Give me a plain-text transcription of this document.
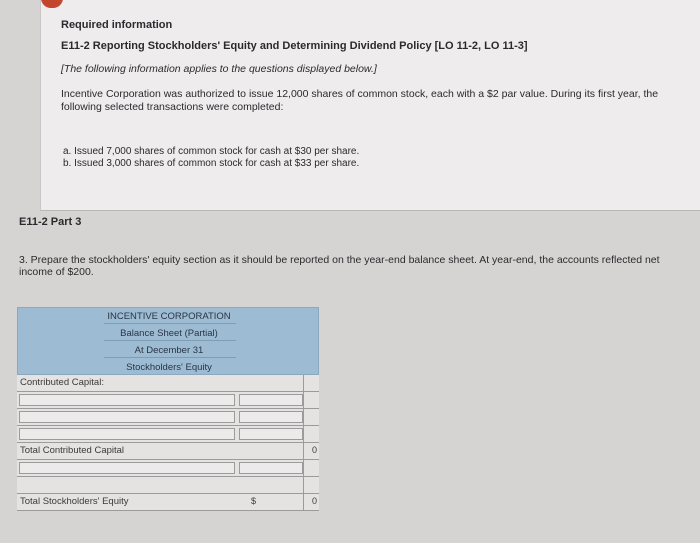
Required information
E11-2 Reporting Stockholders' Equity and Determining Dividend Policy [LO 11-2, LO 11-3]
[The following information applies to the questions displayed below.]
Incentive Corporation was authorized to issue 12,000 shares of common stock, each with a $2 par value. During its first year, the following selected transactions were completed:
a. Issued 7,000 shares of common stock for cash at $30 per share.
b. Issued 3,000 shares of common stock for cash at $33 per share.
E11-2 Part 3
3. Prepare the stockholders' equity section as it should be reported on the year-end balance sheet. At year-end, the accounts reflected net income of $200.
INCENTIVE CORPORATION
Balance Sheet (Partial)
At December 31
Stockholders' Equity
Contributed Capital:
Total Contributed Capital	0
Total Stockholders' Equity	$	0
